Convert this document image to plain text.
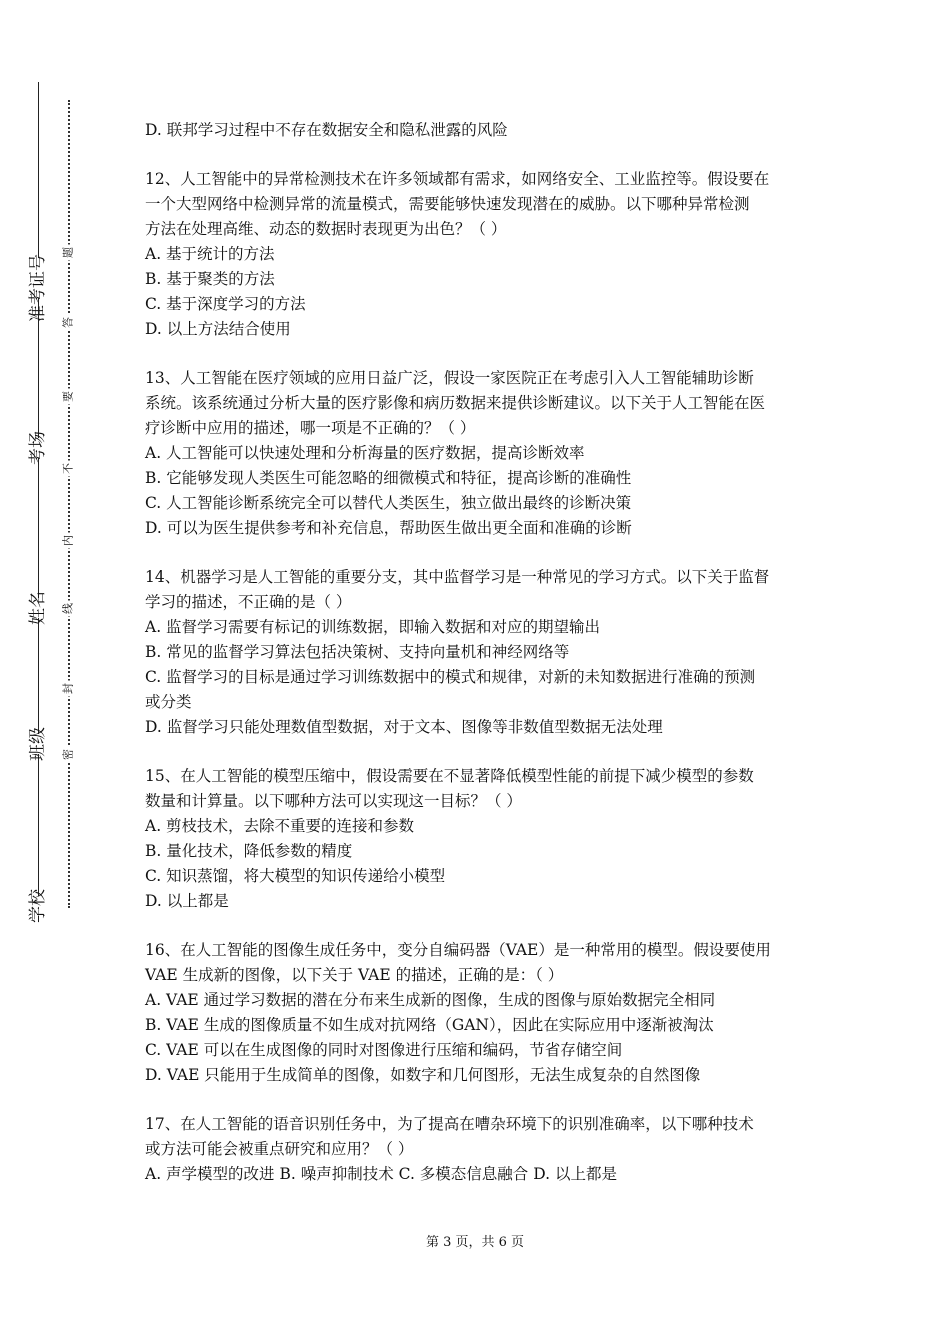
准考证号
考场
姓名
班级
学校
题
答
要
不
内
线
封
密
D. 联邦学习过程中不存在数据安全和隐私泄露的风险
12、人工智能中的异常检测技术在许多领域都有需求，如网络安全、工业监控等。假设要在
一个大型网络中检测异常的流量模式，需要能够快速发现潜在的威胁。以下哪种异常检测
方法在处理高维、动态的数据时表现更为出色？（ ）
A. 基于统计的方法
B. 基于聚类的方法
C. 基于深度学习的方法
D. 以上方法结合使用
13、人工智能在医疗领域的应用日益广泛，假设一家医院正在考虑引入人工智能辅助诊断
系统。该系统通过分析大量的医疗影像和病历数据来提供诊断建议。以下关于人工智能在医
疗诊断中应用的描述，哪一项是不正确的？（ ）
A. 人工智能可以快速处理和分析海量的医疗数据，提高诊断效率
B. 它能够发现人类医生可能忽略的细微模式和特征，提高诊断的准确性
C. 人工智能诊断系统完全可以替代人类医生，独立做出最终的诊断决策
D. 可以为医生提供参考和补充信息，帮助医生做出更全面和准确的诊断
14、机器学习是人工智能的重要分支，其中监督学习是一种常见的学习方式。以下关于监督
学习的描述，不正确的是（ ）
A. 监督学习需要有标记的训练数据，即输入数据和对应的期望输出
B. 常见的监督学习算法包括决策树、支持向量机和神经网络等
C. 监督学习的目标是通过学习训练数据中的模式和规律，对新的未知数据进行准确的预测
或分类
D. 监督学习只能处理数值型数据，对于文本、图像等非数值型数据无法处理
15、在人工智能的模型压缩中，假设需要在不显著降低模型性能的前提下减少模型的参数
数量和计算量。以下哪种方法可以实现这一目标？（ ）
A. 剪枝技术，去除不重要的连接和参数
B. 量化技术，降低参数的精度
C. 知识蒸馏，将大模型的知识传递给小模型
D. 以上都是
16、在人工智能的图像生成任务中，变分自编码器（VAE）是一种常用的模型。假设要使用
VAE 生成新的图像，以下关于 VAE 的描述，正确的是：（ ）
A. VAE 通过学习数据的潜在分布来生成新的图像，生成的图像与原始数据完全相同
B. VAE 生成的图像质量不如生成对抗网络（GAN），因此在实际应用中逐渐被淘汰
C. VAE 可以在生成图像的同时对图像进行压缩和编码，节省存储空间
D. VAE 只能用于生成简单的图像，如数字和几何图形，无法生成复杂的自然图像
17、在人工智能的语音识别任务中，为了提高在嘈杂环境下的识别准确率，以下哪种技术
或方法可能会被重点研究和应用？（ ）
A. 声学模型的改进 B. 噪声抑制技术 C. 多模态信息融合 D. 以上都是
第 3 页，共 6 页
